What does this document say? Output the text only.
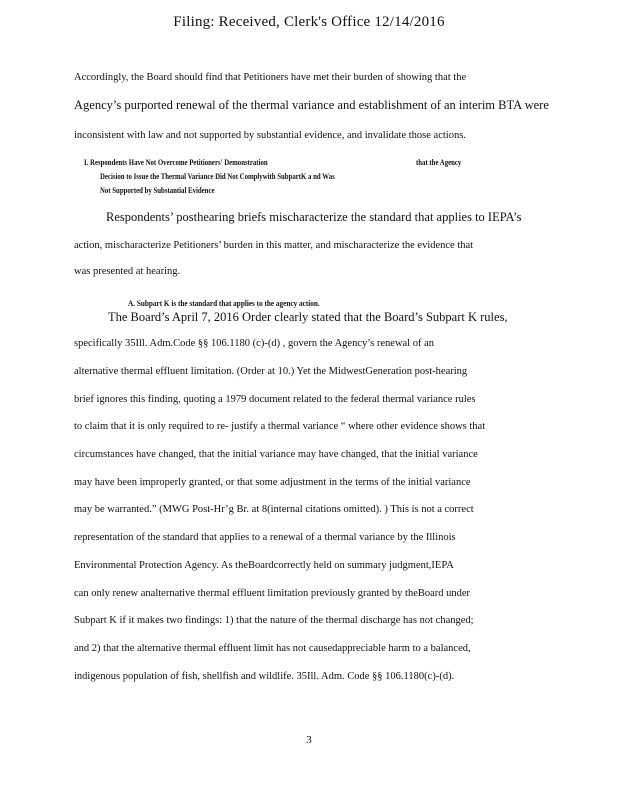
Filing: Received, Clerk's Office 12/14/2016
Accordingly, the Board should find that Petitioners have met their burden of showing that the
Agency’s purported renewal of the thermal variance and establishment of an interim BTA were
inconsistent with law and not supported by substantial evidence, and invalidate those actions.
I. Respondents Have Not Overcome Petitioners' Demonstration	that the Agency
Decision to Issue the Thermal Variance Did Not Complywith SubpartK a nd Was
Not Supported by Substantial Evidence
Respondents’ posthearing briefs mischaracterize the standard that applies to IEPA’s
action, mischaracterize Petitioners’ burden in this matter, and mischaracterize the evidence that
was presented at hearing.
A. Subpart K is the standard that applies to the agency action.
The Board’s April 7, 2016 Order clearly stated that the Board’s Subpart K rules,
specifically 35Ill. Adm.Code §§ 106.1180 (c)-(d) , govern the Agency’s renewal of an
alternative thermal effluent limitation. (Order at 10.) Yet the MidwestGeneration post-hearing
brief ignores this finding, quoting a 1979 document related to the federal thermal variance rules
to claim that it is only required to re- justify a thermal variance “ where other evidence shows that
circumstances have changed, that the initial variance may have changed, that the initial variance
may have been improperly granted, or that some adjustment in the terms of the initial variance
may be warranted.” (MWG Post-Hr’g Br. at 8(internal citations omitted). ) This is not a correct
representation of the standard that applies to a renewal of a thermal variance by the Illinois
Environmental Protection Agency. As theBoardcorrectly held on summary judgment,IEPA
can only renew analternative thermal effluent limitation previously granted by theBoard under
Subpart K if it makes two findings: 1) that the nature of the thermal discharge has not changed;
and 2) that the alternative thermal effluent limit has not causedappreciable harm to a balanced,
indigenous population of fish, shellfish and wildlife. 35Ill. Adm. Code §§ 106.1180(c)-(d).
3
